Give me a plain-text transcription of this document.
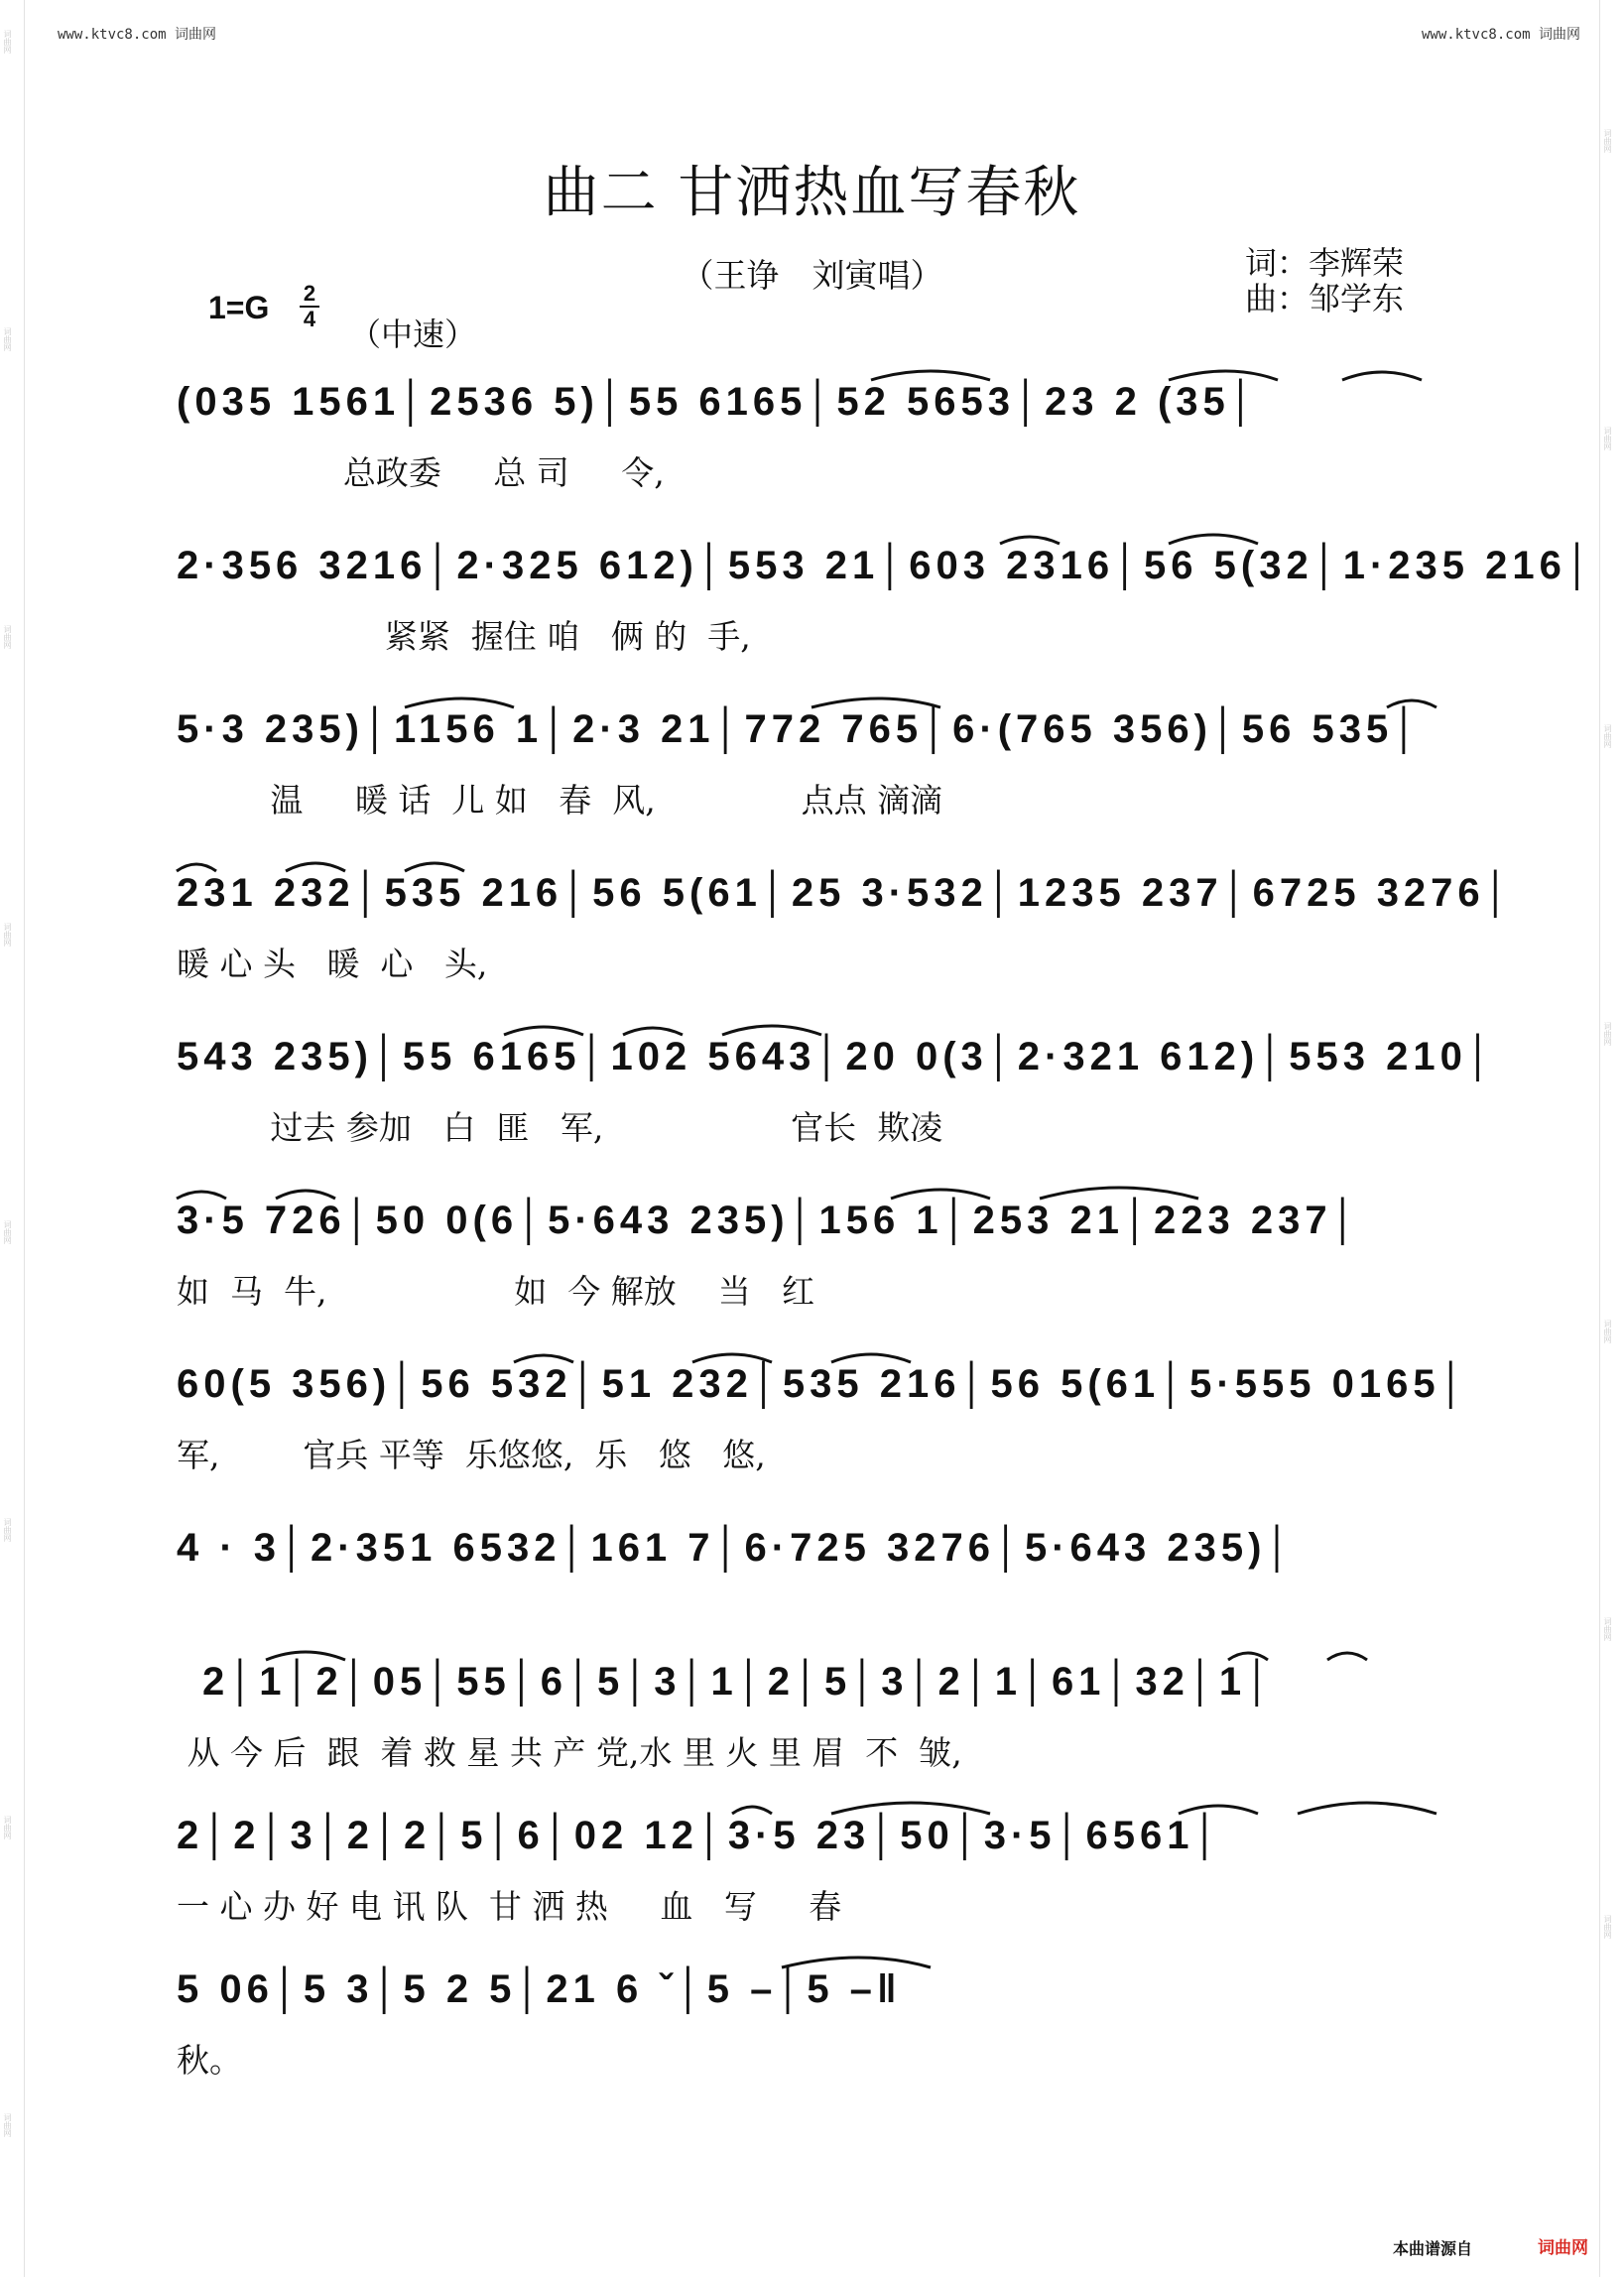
词曲网
词曲网
词曲网
词曲网
词曲网
词曲网
词曲网
词曲网
词曲网
词曲网
词曲网
词曲网
词曲网
词曲网
词曲网
www.ktvc8.com 词曲网	www.ktvc8.com 词曲网
曲二 甘洒热血写春秋
（王诤　刘寅唱）	词：李辉荣
曲：邹学东
1=G 2
4 （中速）
(035 1561│2536 5)│55 6165│52 5653│23 2 (35│
总政委     总 司     令,
2·356 3216│2·325 612)│553 21│603 2316│56 5(32│1·235 216│
紧紧  握住 咱   俩 的  手,
5·3 235)│1156 1│2·3 21│772 765│6·(765 356)│56 535│
温     暖 话  儿 如   春  风,              点点 滴滴
231 232│535 216│56 5(61│25 3·532│1235 237│6725 3276│
暖 心 头   暖  心   头,
543 235)│55 6165│102 5643│20 0(3│2·321 612)│553 210│
过去 参加   白  匪   军,                  官长  欺凌
3·5 726│50 0(6│5·643 235)│156 1│253 21│223 237│
如  马  牛,                  如  今 解放    当   红
60(5 356)│56 532│51 232│535 216│56 5(61│5·555 0165│
军,        官兵 平等  乐悠悠,  乐   悠   悠,
4 · 3│2·351 6532│161 7│6·725 3276│5·643 235)│
2│1│2│05│55│6│5│3│1│2│5│3│2│1│61│32│1│
从 今 后  跟  着 救 星 共 产 党,水 里 火 里 眉  不  皱,
2│2│3│2│2│5│6│02 12│3·5 23│50│3·5│6561│
一 心 办 好 电 讯 队  甘 洒 热     血   写     春
5 06│5 3│5 2 5│21 6 ˇ│5 –│5 –‖
秋。
本曲谱源自	词曲网
